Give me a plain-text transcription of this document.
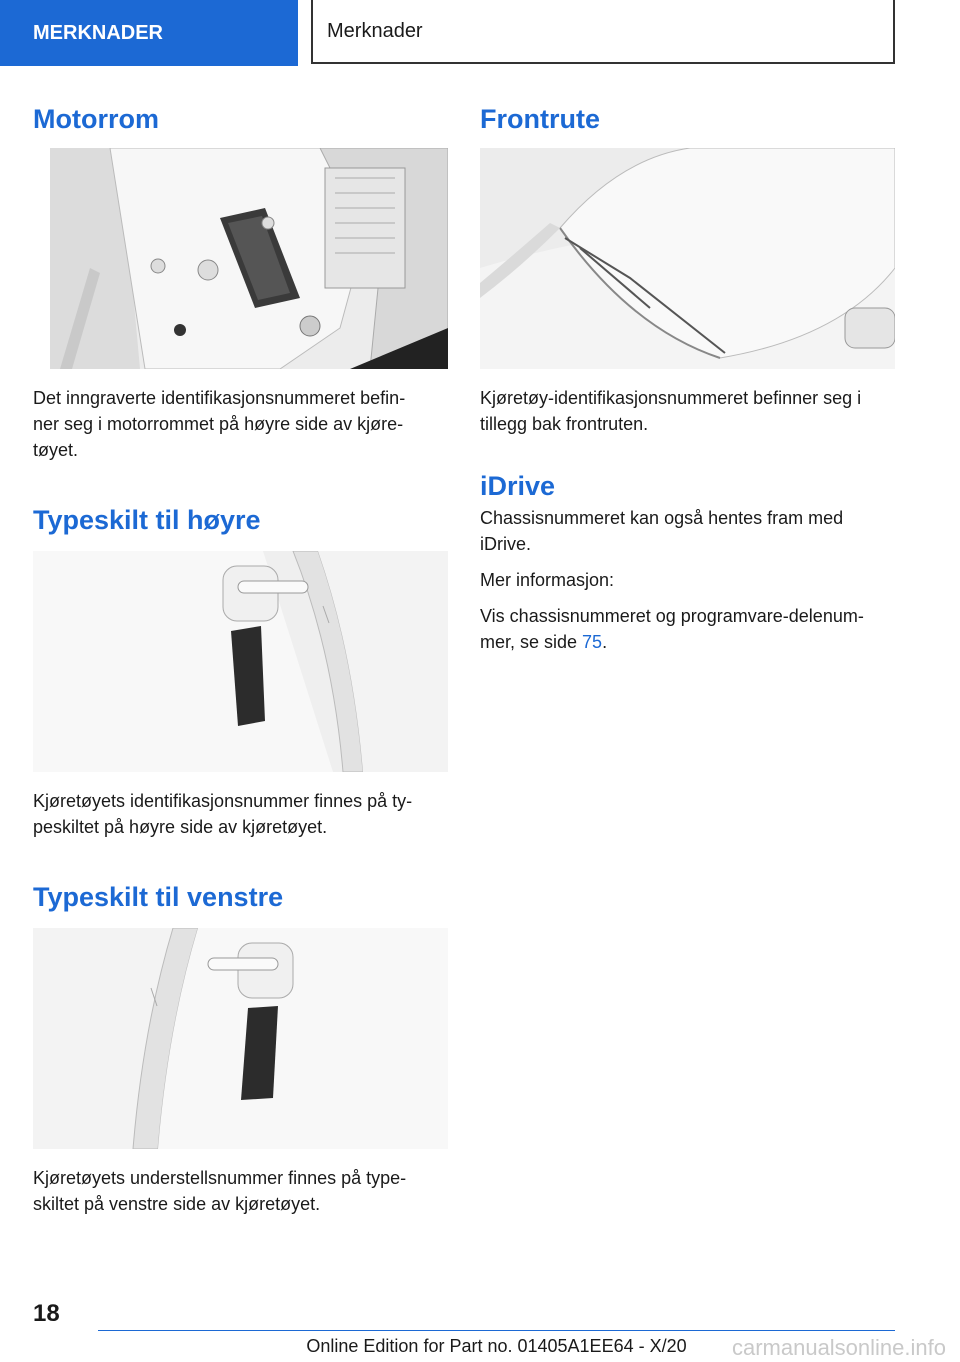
MERKNADER	Merknader
Motorrom

Det inngraverte identifikasjonsnummeret befin-
ner seg i motorrommet på høyre side av kjøre-
tøyet.

Typeskilt til høyre

Kjøretøyets identifikasjonsnummer finnes på ty-
peskiltet på høyre side av kjøretøyet.

Typeskilt til venstre

Kjøretøyets understellsnummer finnes på type-
skiltet på venstre side av kjøretøyet.

Frontrute

Kjøretøy-identifikasjonsnummeret befinner seg i
tillegg bak frontruten.

iDrive

Chassisnummeret kan også hentes fram med
iDrive.

Mer informasjon:

Vis chassisnummeret og programvare-delenum-
mer, se side 75.

18
Online Edition for Part no. 01405A1EE64 - X/20	carmanualsonline.info
